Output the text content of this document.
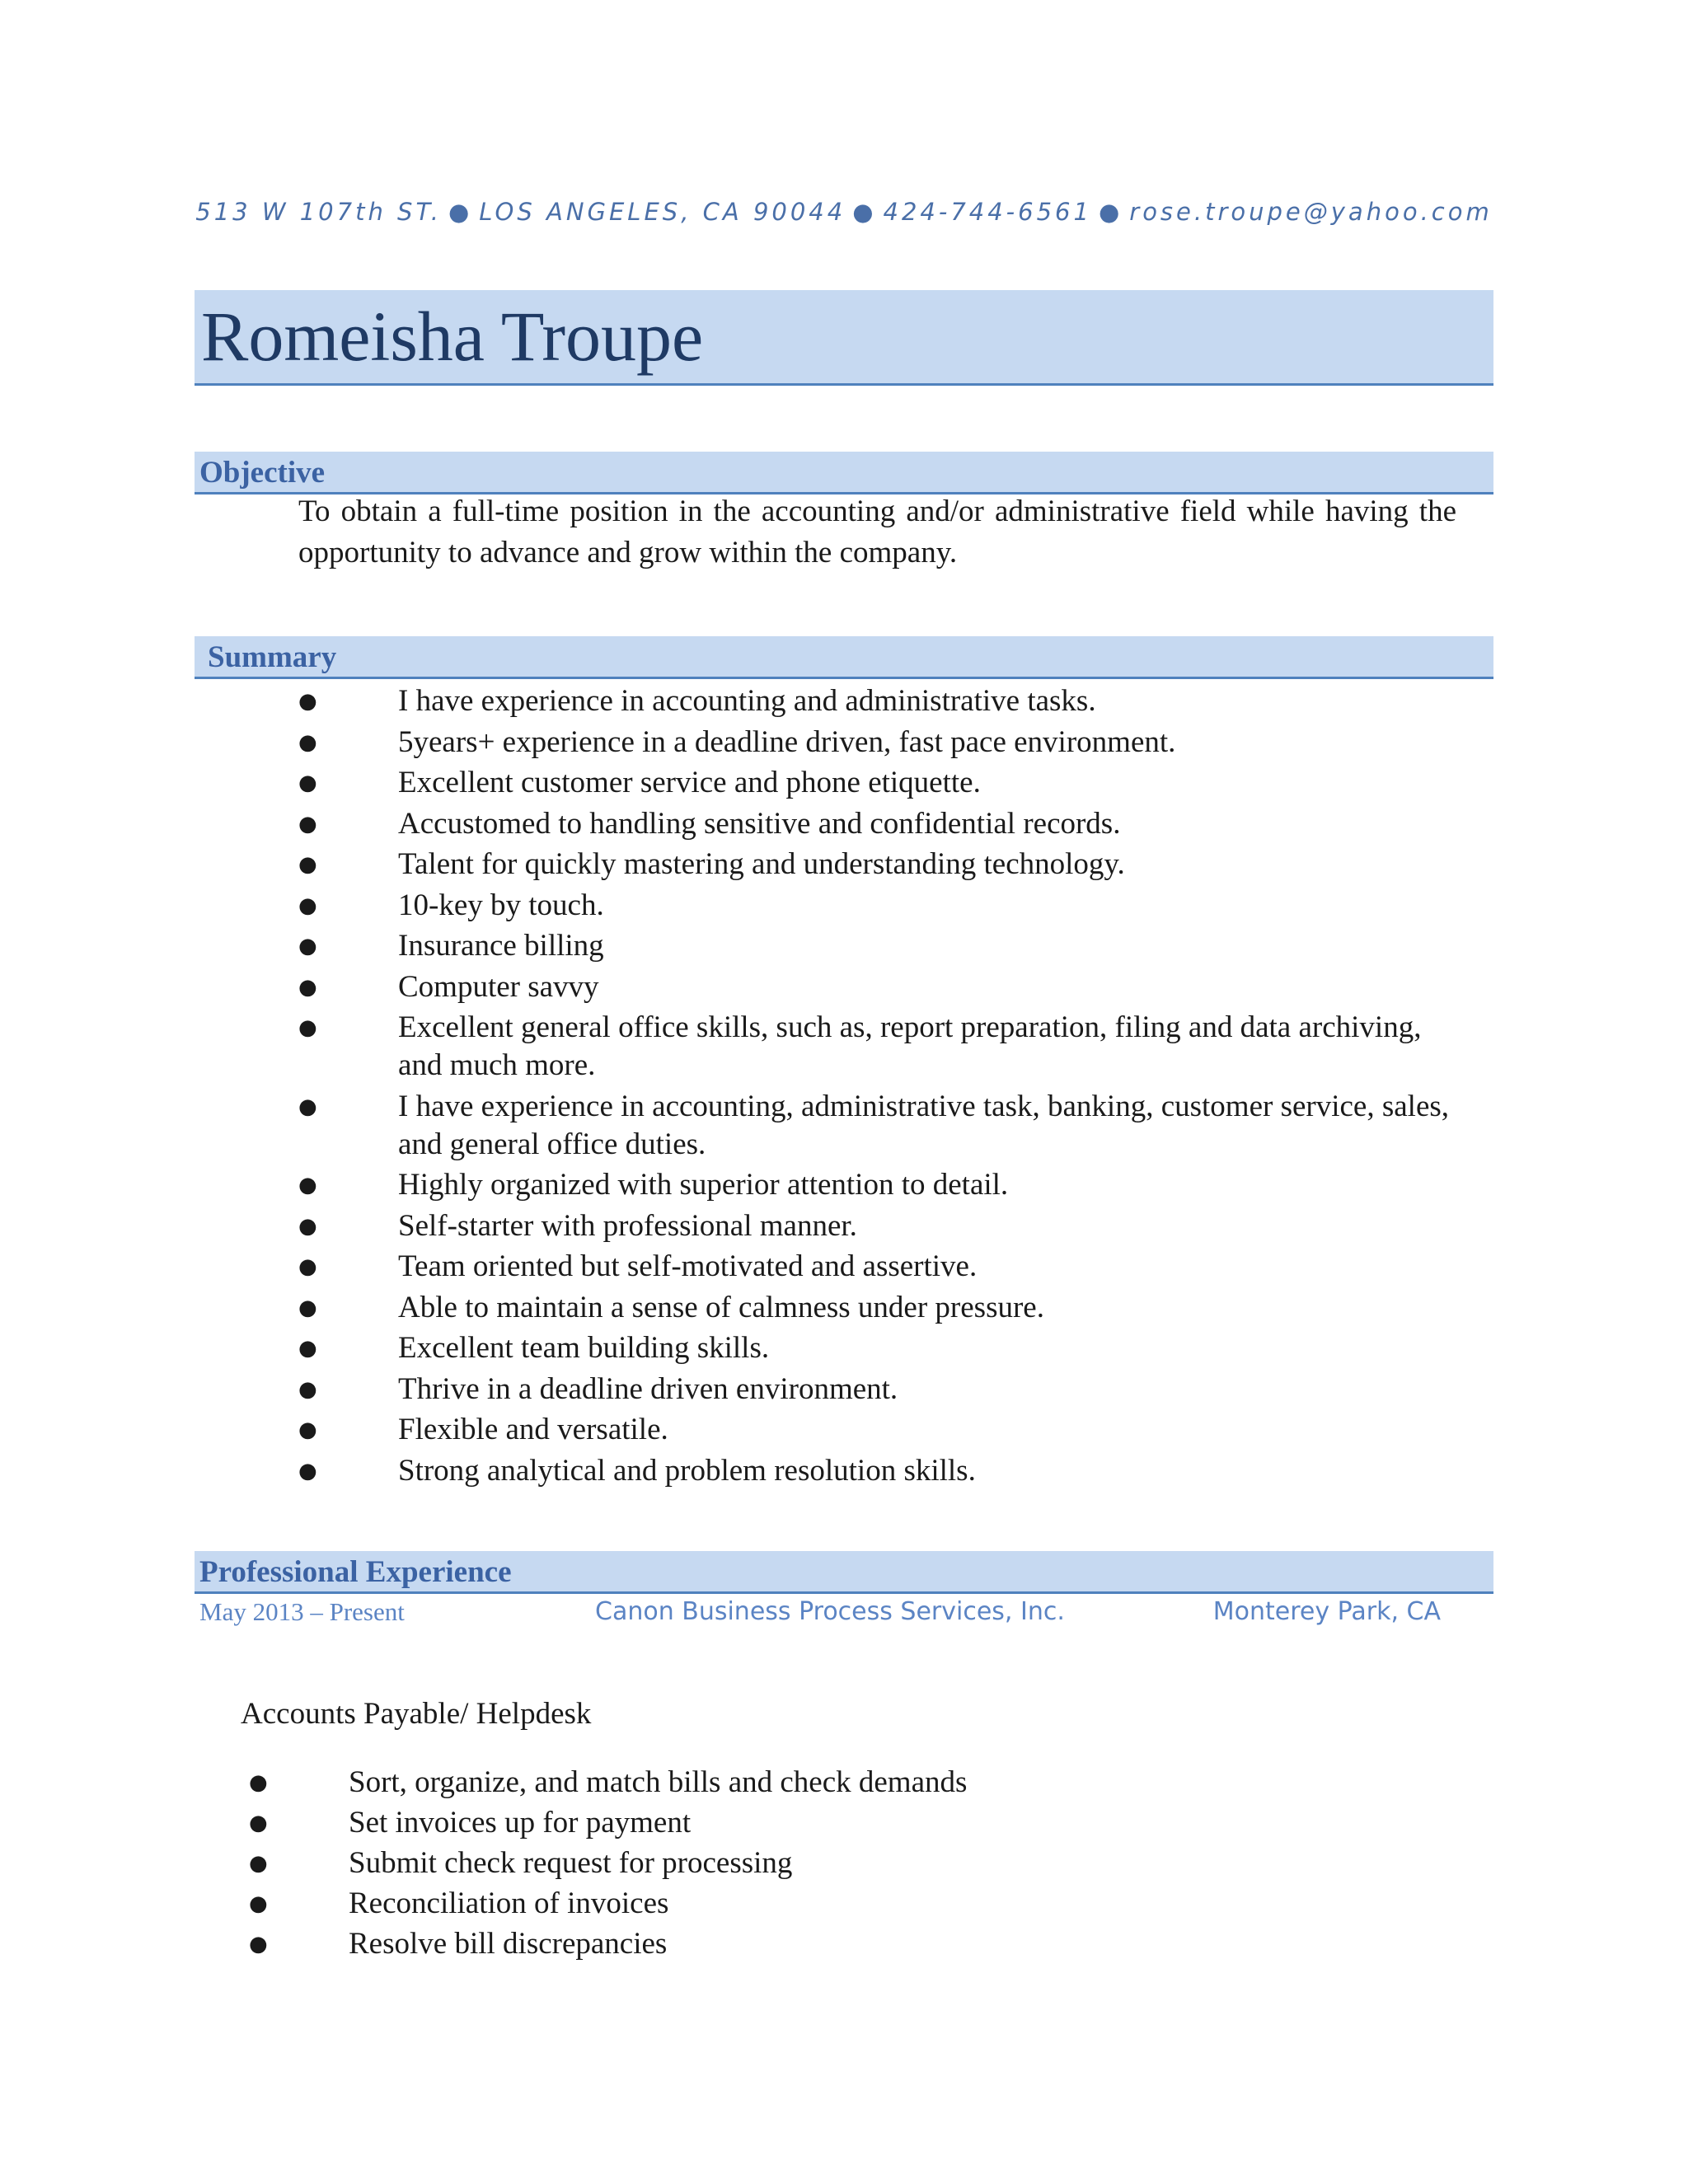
513 W 107th ST. ● LOS ANGELES, CA 90044 ● 424-744-6561 ● rose.troupe@yahoo.com
Romeisha Troupe
Objective
To obtain a full-time position in the accounting and/or administrative field while having the opportunity to advance and grow within the company.
Summary
●	I have experience in accounting and administrative tasks.
●	5years+ experience in a deadline driven, fast pace environment.
●	Excellent customer service and phone etiquette.
●	Accustomed to handling sensitive and confidential records.
●	Talent for quickly mastering and understanding technology.
●	10-key by touch.
●	Insurance billing
●	Computer savvy
●	Excellent general office skills, such as, report preparation, filing and data archiving, and much more.
●	I have experience in accounting, administrative task, banking, customer service, sales, and general office duties.
●	Highly organized with superior attention to detail.
●	Self-starter with professional manner.
●	Team oriented but self-motivated and assertive.
●	Able to maintain a sense of calmness under pressure.
●	Excellent team building skills.
●	Thrive in a deadline driven environment.
●	Flexible and versatile.
●	Strong analytical and problem resolution skills.
Professional Experience
May 2013 – Present	Canon Business Process Services, Inc.	Monterey Park, CA
Accounts Payable/ Helpdesk
●	Sort, organize, and match bills and check demands
●	Set invoices up for payment
●	Submit check request for processing
●	Reconciliation of invoices
●	Resolve bill discrepancies
